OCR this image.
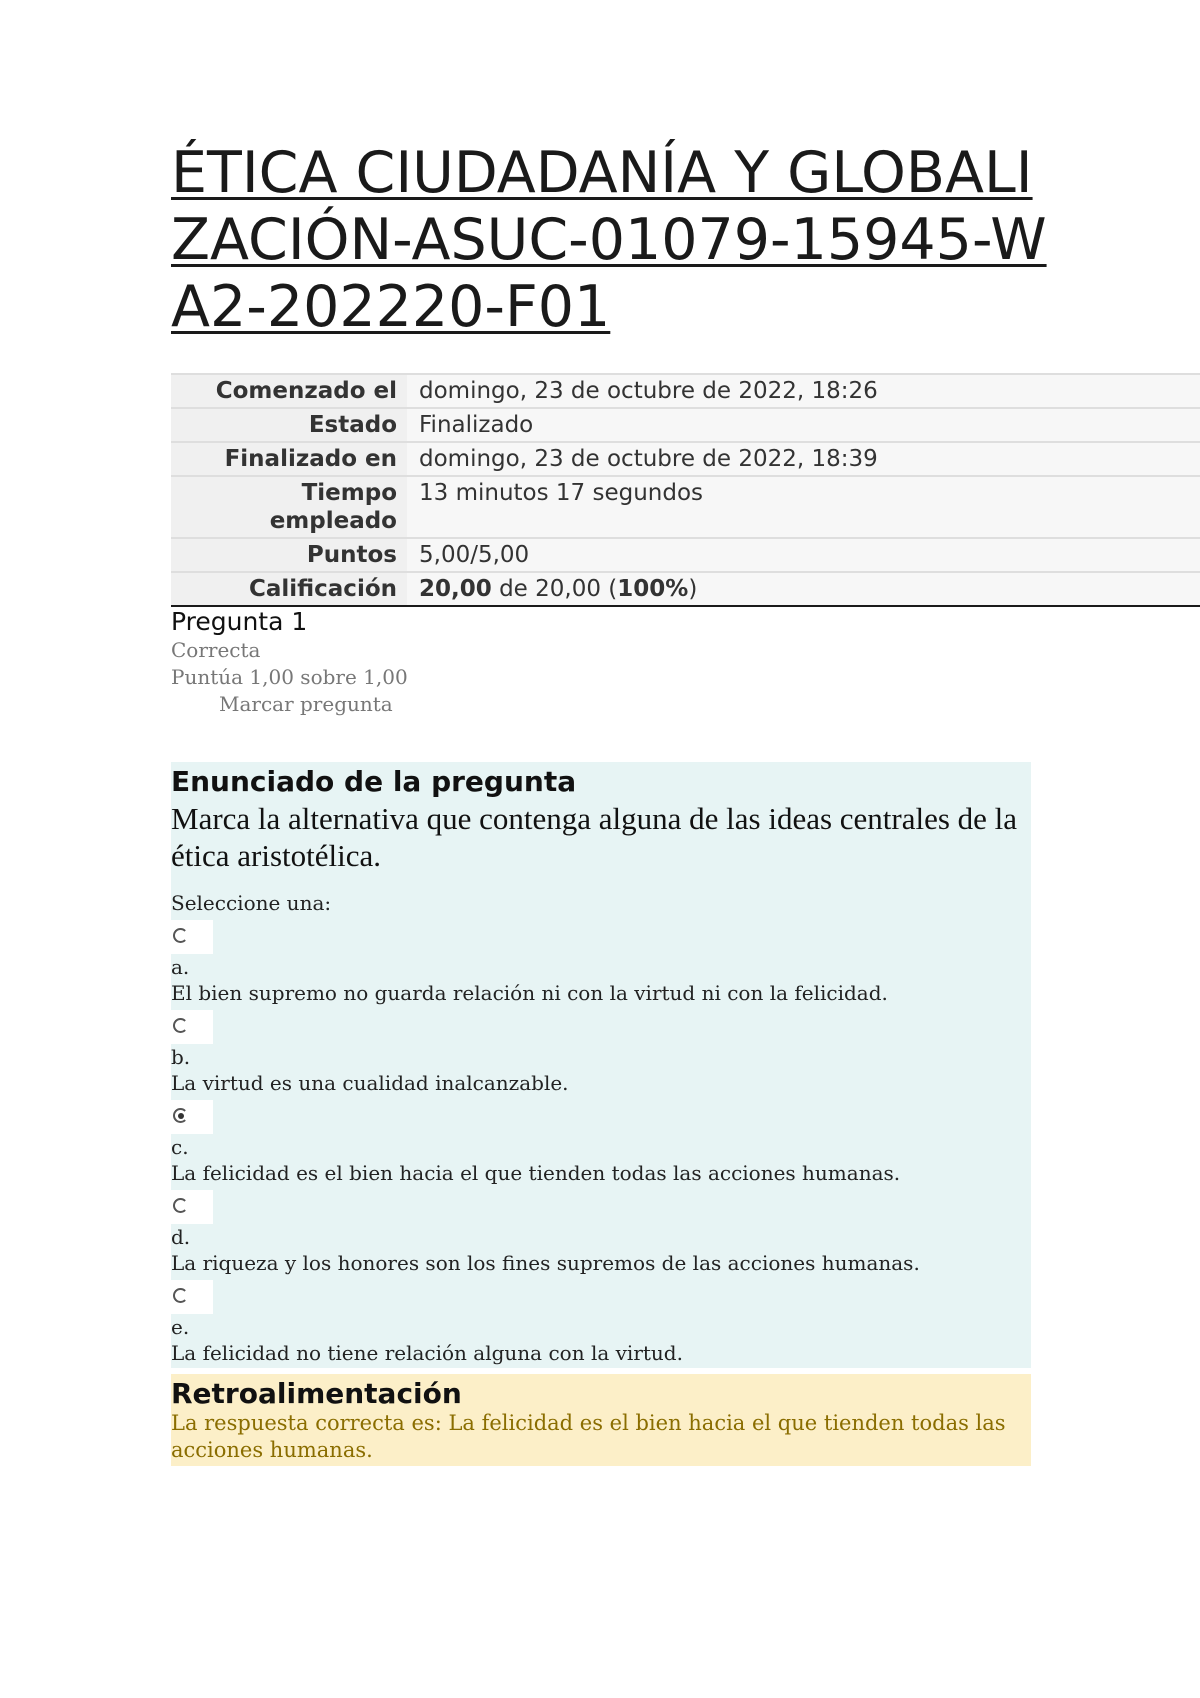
ÉTICA CIUDADANÍA Y GLOBALIZACIÓN-ASUC-01079-15945-WA2-202220-F01
Comenzado el	domingo, 23 de octubre de 2022, 18:26
Estado	Finalizado
Finalizado en	domingo, 23 de octubre de 2022, 18:39
Tiempo empleado	13 minutos 17 segundos
Puntos	5,00/5,00
Calificación	20,00 de 20,00 (100%)
Pregunta 1
Correcta
Puntúa 1,00 sobre 1,00
Marcar pregunta
Enunciado de la pregunta
Marca la alternativa que contenga alguna de las ideas centrales de la ética aristotélica.
Seleccione una:
a.
El bien supremo no guarda relación ni con la virtud ni con la felicidad.
b.
La virtud es una cualidad inalcanzable.
c.
La felicidad es el bien hacia el que tienden todas las acciones humanas.
d.
La riqueza y los honores son los fines supremos de las acciones humanas.
e.
La felicidad no tiene relación alguna con la virtud.
Retroalimentación
La respuesta correcta es: La felicidad es el bien hacia el que tienden todas las acciones humanas.
